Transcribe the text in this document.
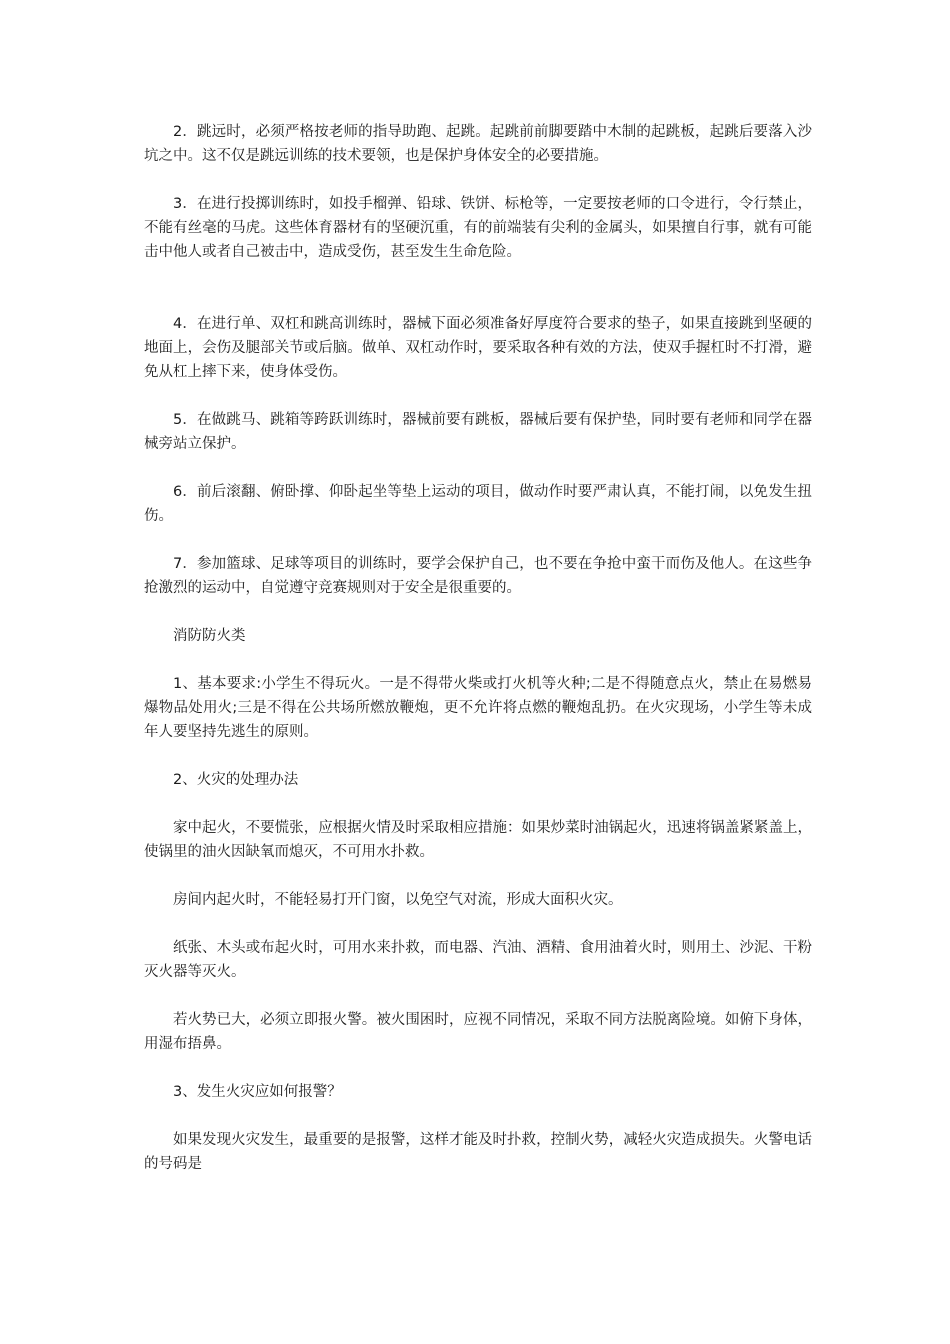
2．跳远时，必须严格按老师的指导助跑、起跳。起跳前前脚要踏中木制的起跳板，起跳后要落入沙坑之中。这不仅是跳远训练的技术要领，也是保护身体安全的必要措施。

3．在进行投掷训练时，如投手榴弹、铅球、铁饼、标枪等，一定要按老师的口令进行，令行禁止，不能有丝毫的马虎。这些体育器材有的坚硬沉重，有的前端装有尖利的金属头，如果擅自行事，就有可能击中他人或者自己被击中，造成受伤，甚至发生生命危险。

4．在进行单、双杠和跳高训练时，器械下面必须准备好厚度符合要求的垫子，如果直接跳到坚硬的地面上，会伤及腿部关节或后脑。做单、双杠动作时，要采取各种有效的方法，使双手握杠时不打滑，避免从杠上摔下来，使身体受伤。

5．在做跳马、跳箱等跨跃训练时，器械前要有跳板，器械后要有保护垫，同时要有老师和同学在器械旁站立保护。

6．前后滚翻、俯卧撑、仰卧起坐等垫上运动的项目，做动作时要严肃认真，不能打闹，以免发生扭伤。

7．参加篮球、足球等项目的训练时，要学会保护自己，也不要在争抢中蛮干而伤及他人。在这些争抢激烈的运动中，自觉遵守竞赛规则对于安全是很重要的。

消防防火类

1、基本要求:小学生不得玩火。一是不得带火柴或打火机等火种;二是不得随意点火，禁止在易燃易爆物品处用火;三是不得在公共场所燃放鞭炮，更不允许将点燃的鞭炮乱扔。在火灾现场，小学生等未成年人要坚持先逃生的原则。

2、火灾的处理办法

家中起火，不要慌张，应根据火情及时采取相应措施：如果炒菜时油锅起火，迅速将锅盖紧紧盖上，使锅里的油火因缺氧而熄灭，不可用水扑救。

房间内起火时，不能轻易打开门窗，以免空气对流，形成大面积火灾。

纸张、木头或布起火时，可用水来扑救，而电器、汽油、酒精、食用油着火时，则用土、沙泥、干粉灭火器等灭火。

若火势已大，必须立即报火警。被火围困时，应视不同情况，采取不同方法脱离险境。如俯下身体，用湿布捂鼻。

3、发生火灾应如何报警？

如果发现火灾发生，最重要的是报警，这样才能及时扑救，控制火势，减轻火灾造成损失。火警电话的号码是
